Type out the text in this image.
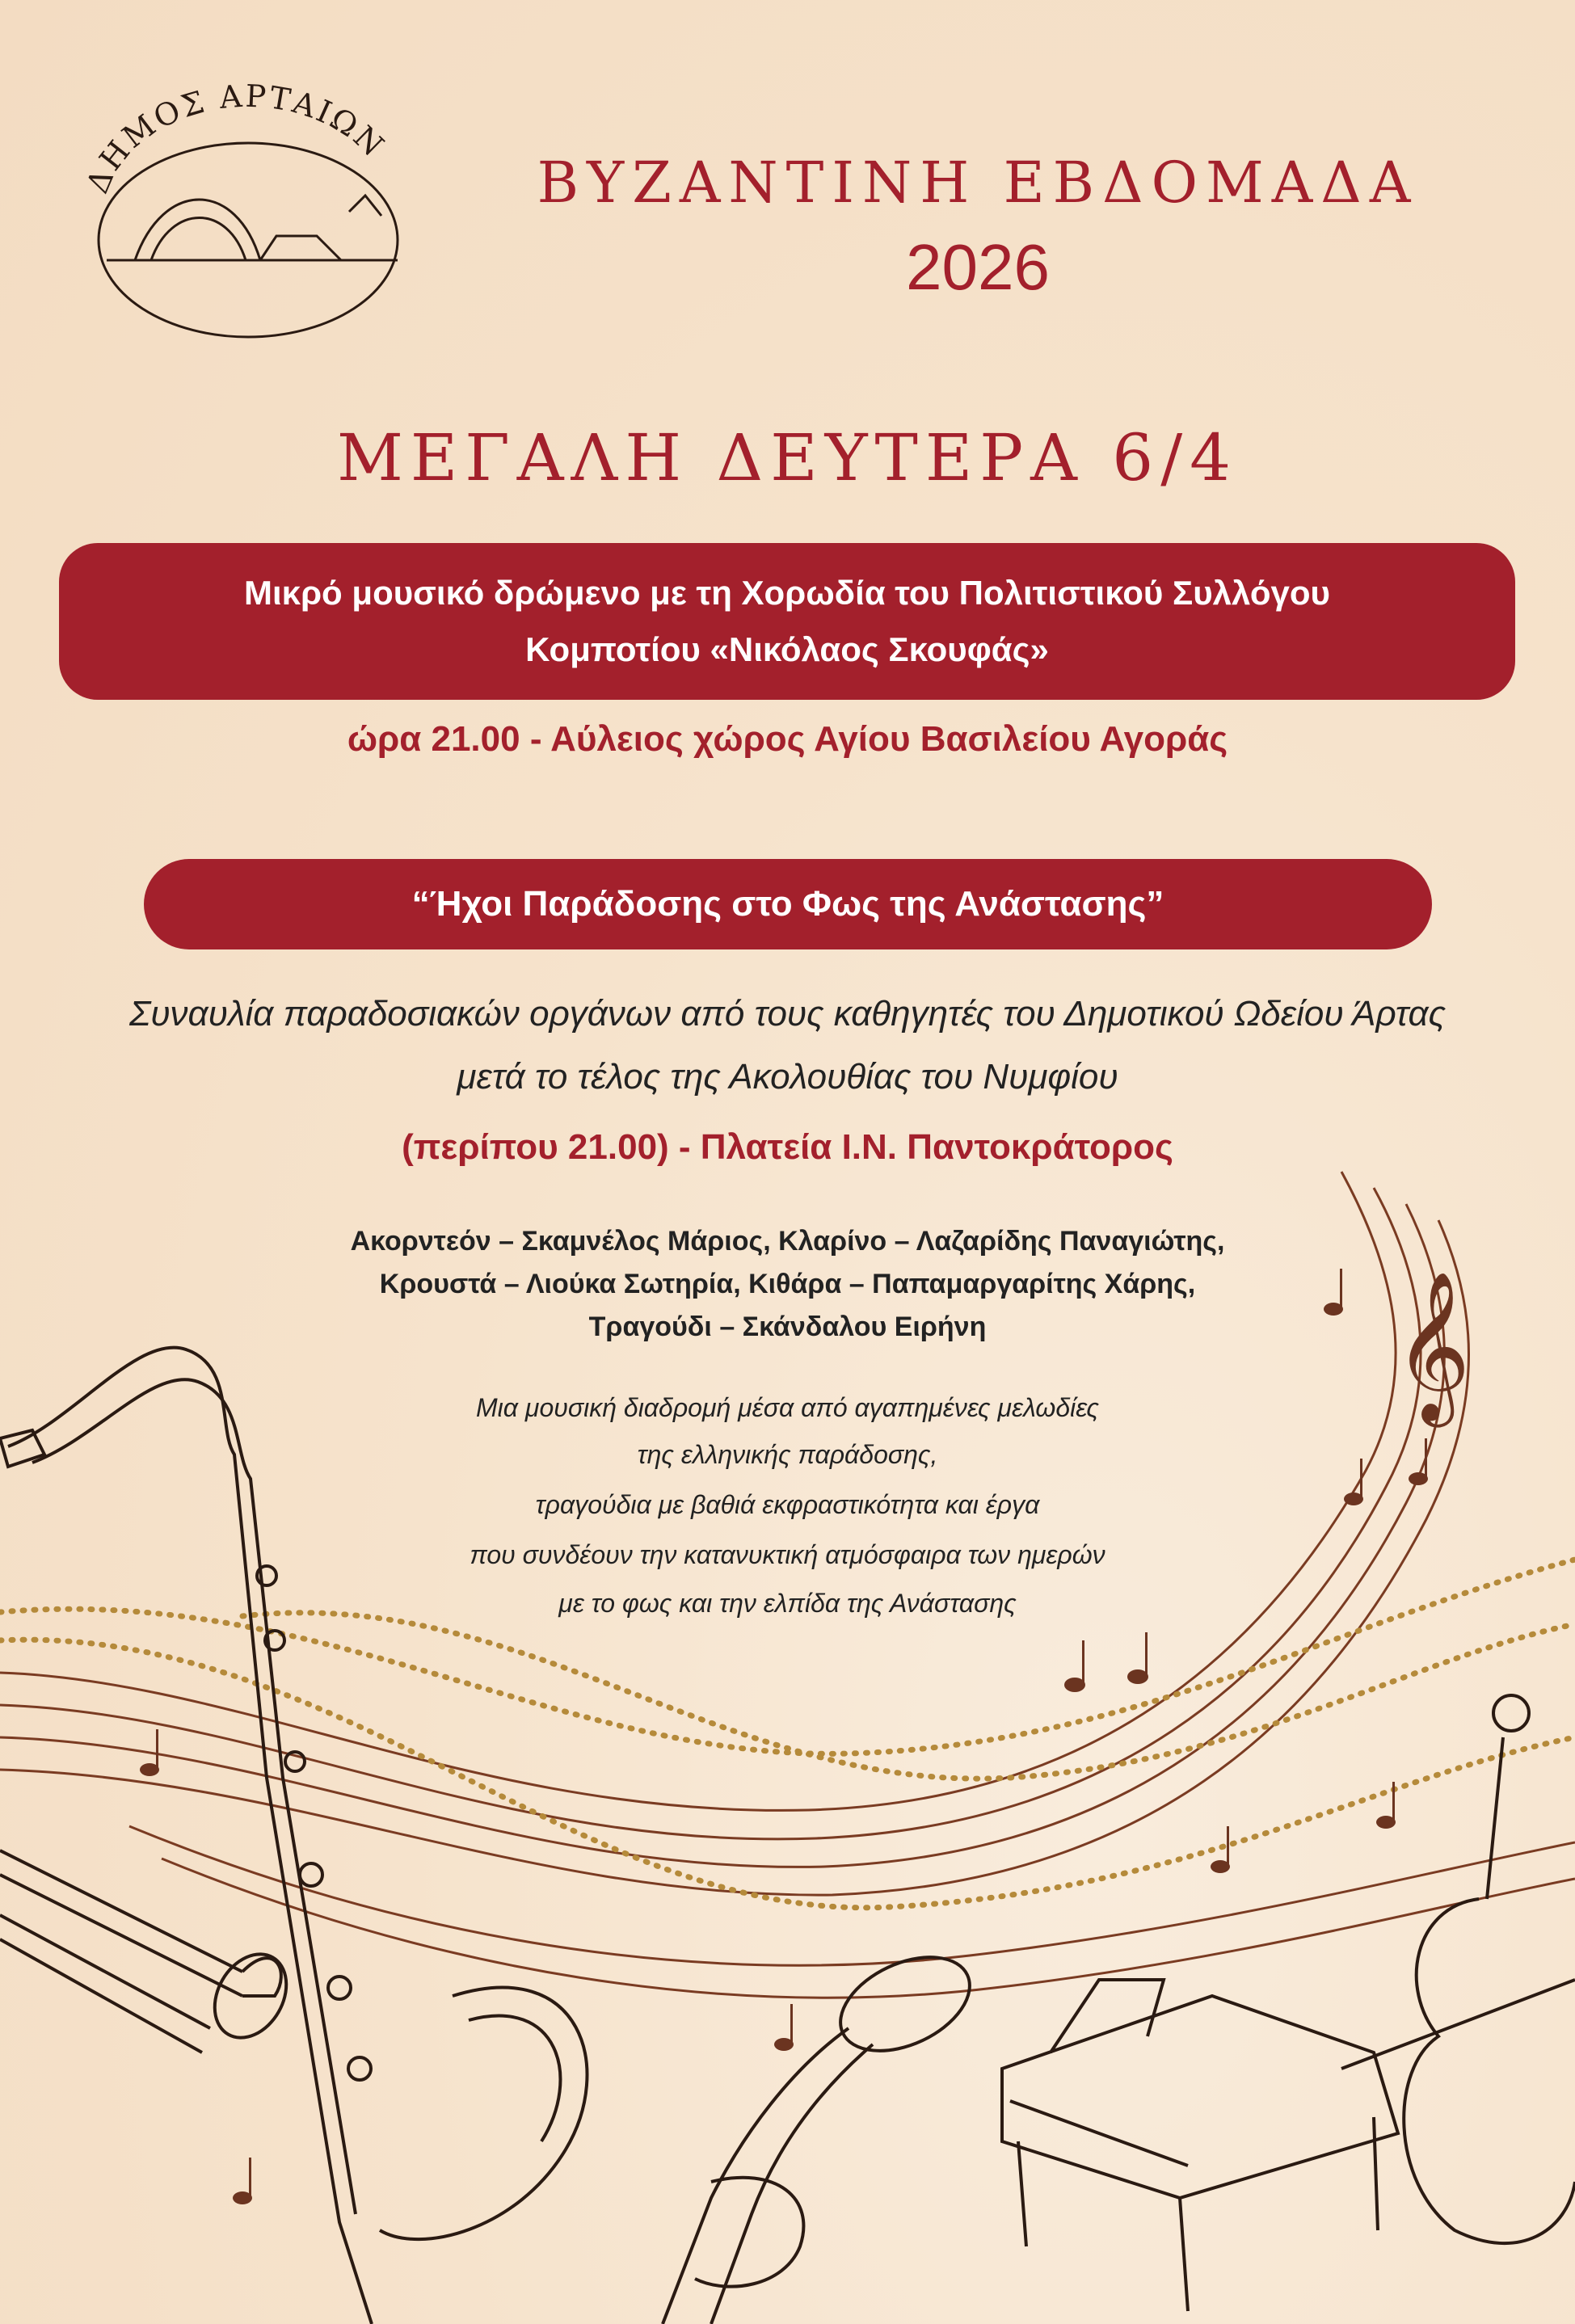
𝄞
ΔΗΜΟΣ ΑΡΤΑΙΩΝ
ΒΥΖΑΝΤΙΝΗ ΕΒΔΟΜΑΔΑ
2026
ΜΕΓΑΛΗ ΔΕΥΤΕΡΑ 6/4
Μικρό μουσικό δρώμενο με τη Χορωδία του Πολιτιστικού Συλλόγου
Κομποτίου «Νικόλαος Σκουφάς»
ώρα 21.00 - Αύλειος χώρος Αγίου Βασιλείου Αγοράς
“Ήχοι Παράδοσης στο Φως της Ανάστασης”
Συναυλία παραδοσιακών οργάνων από τους καθηγητές του Δημοτικού Ωδείου Άρτας
μετά το τέλος της Ακολουθίας του Νυμφίου
(περίπου 21.00) - Πλατεία Ι.Ν. Παντοκράτορος
Ακορντεόν – Σκαμνέλος Μάριος, Κλαρίνο – Λαζαρίδης Παναγιώτης,
Κρουστά – Λιούκα Σωτηρία, Κιθάρα – Παπαμαργαρίτης Χάρης,
Τραγούδι – Σκάνδαλου Ειρήνη
Μια μουσική διαδρομή μέσα από αγαπημένες μελωδίες
της ελληνικής παράδοσης,
τραγούδια με βαθιά εκφραστικότητα και έργα
που συνδέουν την κατανυκτική ατμόσφαιρα των ημερών
με το φως και την ελπίδα της Ανάστασης
